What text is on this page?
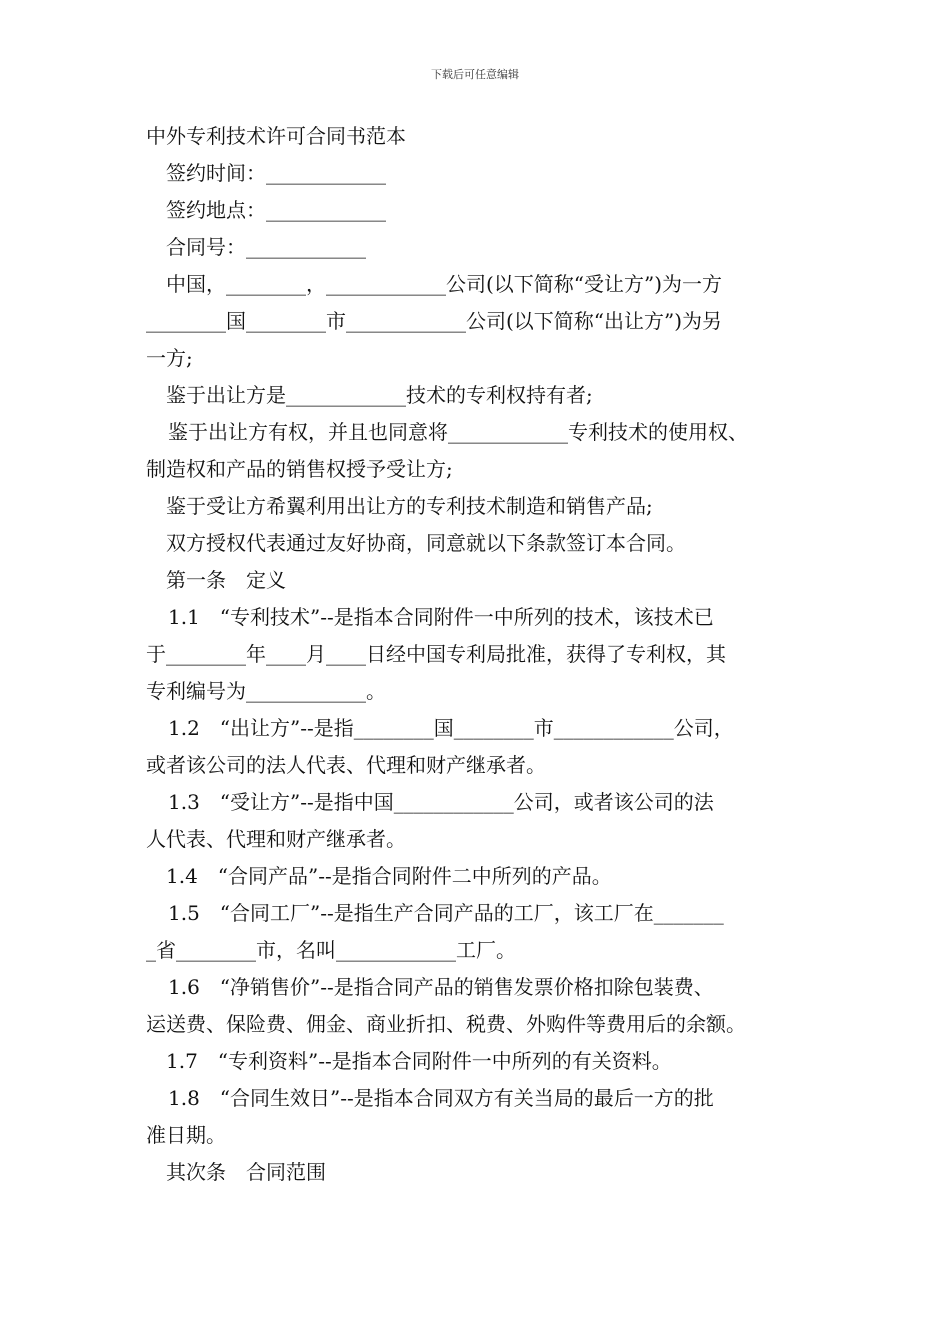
下载后可任意编辑
中外专利技术许可合同书范本
签约时间：____________
签约地点：____________
合同号：____________
中国，________，____________公司(以下简称“受让方”)为一方
________国________市____________公司(以下简称“出让方”)为另
一方;
鉴于出让方是____________技术的专利权持有者;
鉴于出让方有权，并且也同意将____________专利技术的使用权、
制造权和产品的销售权授予受让方;
鉴于受让方希翼利用出让方的专利技术制造和销售产品;
双方授权代表通过友好协商，同意就以下条款签订本合同。
第一条　定义
1.1　“专利技术”--是指本合同附件一中所列的技术，该技术已
于________年____月____日经中国专利局批准，获得了专利权，其
专利编号为____________。
1.2　“出让方”--是指________国________市____________公司，
或者该公司的法人代表、代理和财产继承者。
1.3　“受让方”--是指中国____________公司，或者该公司的法
人代表、代理和财产继承者。
1.4　“合同产品”--是指合同附件二中所列的产品。
1.5　“合同工厂”--是指生产合同产品的工厂，该工厂在_______
_省________市，名叫____________工厂。
1.6　“净销售价”--是指合同产品的销售发票价格扣除包装费、
运送费、保险费、佣金、商业折扣、税费、外购件等费用后的余额。
1.7　“专利资料”--是指本合同附件一中所列的有关资料。
1.8　“合同生效日”--是指本合同双方有关当局的最后一方的批
准日期。
其次条　合同范围
